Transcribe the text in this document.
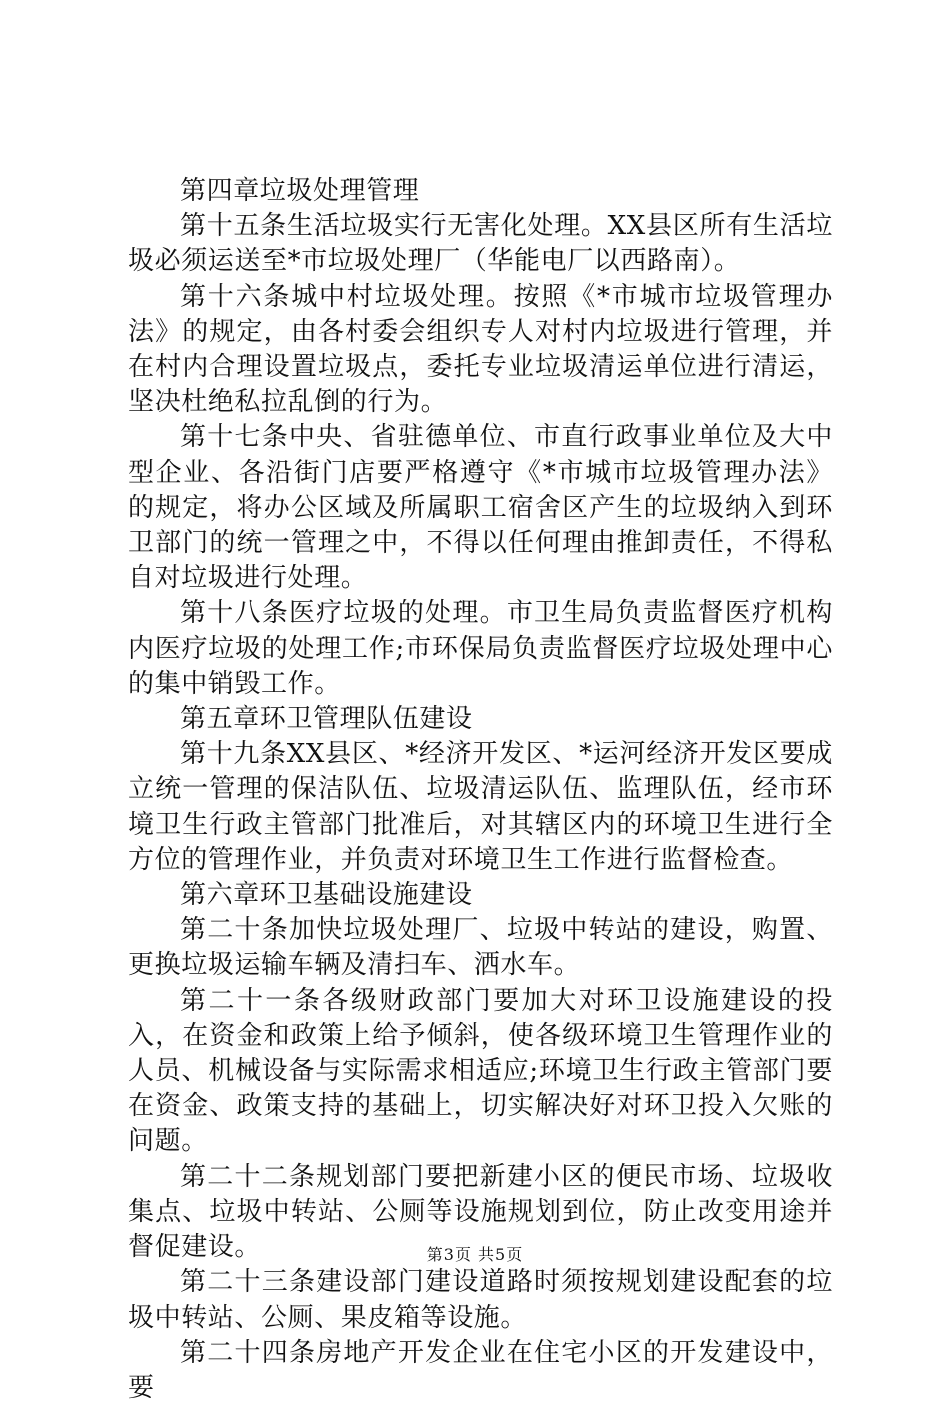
第四章垃圾处理管理

第十五条生活垃圾实行无害化处理。XX县区所有生活垃圾必须运送至*市垃圾处理厂（华能电厂以西路南）。

第十六条城中村垃圾处理。按照《*市城市垃圾管理办法》的规定，由各村委会组织专人对村内垃圾进行管理，并在村内合理设置垃圾点，委托专业垃圾清运单位进行清运，坚决杜绝私拉乱倒的行为。

第十七条中央、省驻德单位、市直行政事业单位及大中型企业、各沿街门店要严格遵守《*市城市垃圾管理办法》的规定，将办公区域及所属职工宿舍区产生的垃圾纳入到环卫部门的统一管理之中，不得以任何理由推卸责任，不得私自对垃圾进行处理。

第十八条医疗垃圾的处理。市卫生局负责监督医疗机构内医疗垃圾的处理工作;市环保局负责监督医疗垃圾处理中心的集中销毁工作。

第五章环卫管理队伍建设

第十九条XX县区、*经济开发区、*运河经济开发区要成立统一管理的保洁队伍、垃圾清运队伍、监理队伍，经市环境卫生行政主管部门批准后，对其辖区内的环境卫生进行全方位的管理作业，并负责对环境卫生工作进行监督检查。

第六章环卫基础设施建设

第二十条加快垃圾处理厂、垃圾中转站的建设，购置、更换垃圾运输车辆及清扫车、洒水车。

第二十一条各级财政部门要加大对环卫设施建设的投入，在资金和政策上给予倾斜，使各级环境卫生管理作业的人员、机械设备与实际需求相适应;环境卫生行政主管部门要在资金、政策支持的基础上，切实解决好对环卫投入欠账的问题。

第二十二条规划部门要把新建小区的便民市场、垃圾收集点、垃圾中转站、公厕等设施规划到位，防止改变用途并督促建设。

第二十三条建设部门建设道路时须按规划建设配套的垃圾中转站、公厕、果皮箱等设施。

第二十四条房地产开发企业在住宅小区的开发建设中，要

第3页 共5页
